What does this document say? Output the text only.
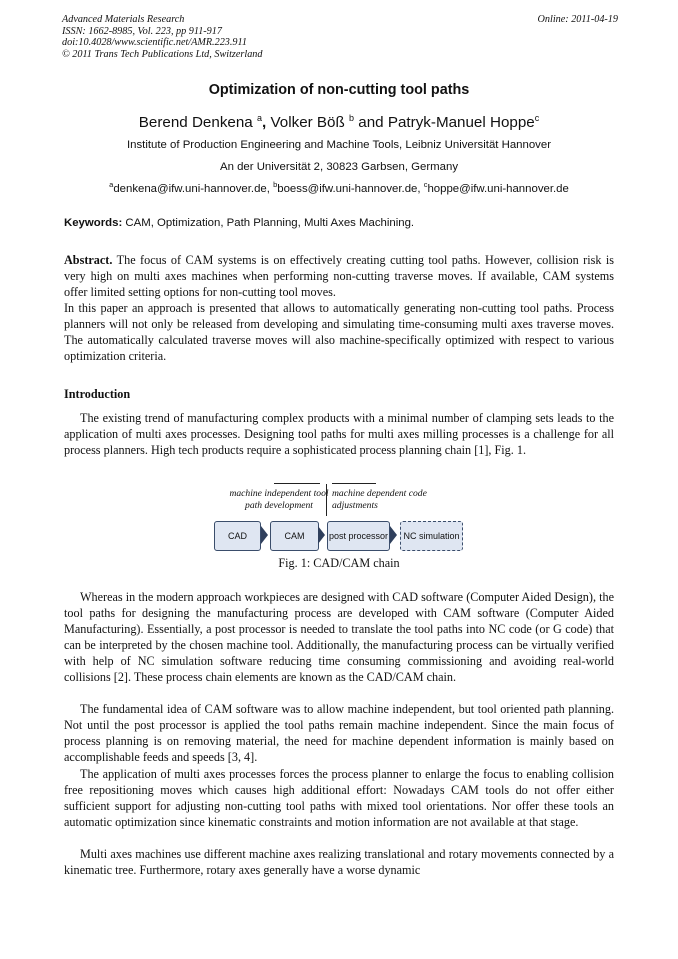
Advanced Materials Research
ISSN: 1662-8985, Vol. 223, pp 911-917
doi:10.4028/www.scientific.net/AMR.223.911
© 2011 Trans Tech Publications Ltd, Switzerland
Online: 2011-04-19
Optimization of non-cutting tool paths
Berend Denkena $^a$, Volker Böß $^b$ and Patryk-Manuel Hoppe$^c$
Institute of Production Engineering and Machine Tools, Leibniz Universität Hannover
An der Universität 2, 30823 Garbsen, Germany
$^a$denkena@ifw.uni-hannover.de, $^b$boess@ifw.uni-hannover.de, $^c$hoppe@ifw.uni-hannover.de
Keywords: CAM, Optimization, Path Planning, Multi Axes Machining.
Abstract. The focus of CAM systems is on effectively creating cutting tool paths. However, collision risk is very high on multi axes machines when performing non-cutting traverse moves. If available, CAM systems offer limited setting options for non-cutting tool moves.
In this paper an approach is presented that allows to automatically generating non-cutting tool paths. Process planners will not only be released from developing and simulating time-consuming multi axes traverse moves. The automatically calculated traverse moves will also machine-specifically optimized with respect to various optimization criteria.
Introduction
The existing trend of manufacturing complex products with a minimal number of clamping sets leads to the application of multi axes processes. Designing tool paths for multi axes milling processes is a challenge for all process planners. High tech products require a sophisticated process planning chain [1], Fig. 1.
machine independent tool path development
machine dependent code adjustments
CAD	CAM	post processor	NC simulation
Fig. 1: CAD/CAM chain
Whereas in the modern approach workpieces are designed with CAD software (Computer Aided Design), the tool paths for designing the manufacturing process are developed with CAM software (Computer Aided Manufacturing). Essentially, a post processor is needed to translate the tool paths into NC code (or G code) that can be interpreted by the chosen machine tool. Additionally, the manufacturing process can be virtually verified with help of NC simulation software reducing time consuming commissioning and avoiding real-world collisions [2]. These process chain elements are known as the CAD/CAM chain.
The fundamental idea of CAM software was to allow machine independent, but tool oriented path planning. Not until the post processor is applied the tool paths remain machine independent. Since the main focus of process planning is on removing material, the need for machine dependent information is mainly based on accomplishable feeds and speeds [3, 4].
The application of multi axes processes forces the process planner to enlarge the focus to enabling collision free repositioning moves which causes high additional effort: Nowadays CAM tools do not offer either sufficient support for adjusting non-cutting tool paths with mixed tool orientations. Nor offer these tools an automatic optimization since kinematic constraints and motion information are not available at that stage.
Multi axes machines use different machine axes realizing translational and rotary movements connected by a kinematic tree. Furthermore, rotary axes generally have a worse dynamic
